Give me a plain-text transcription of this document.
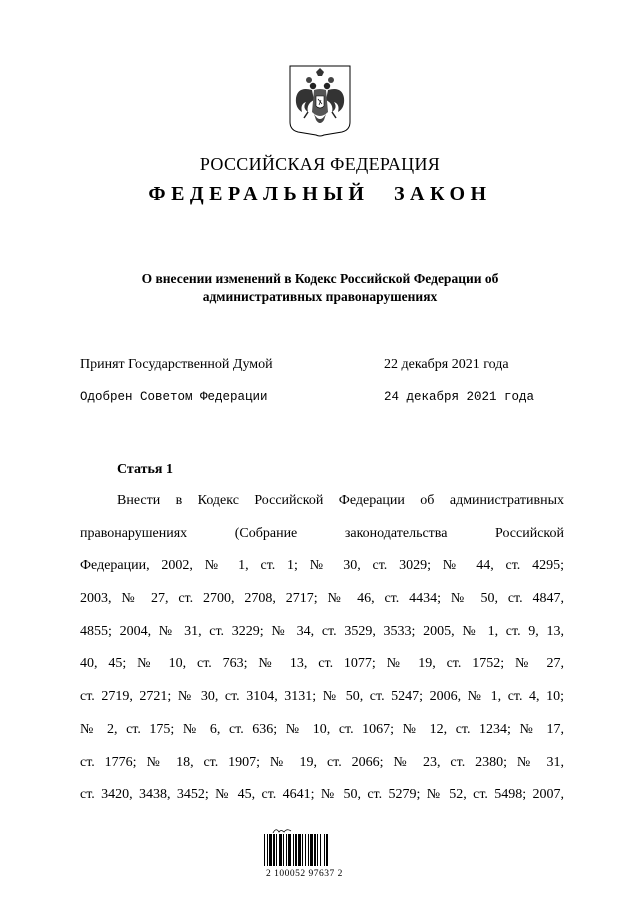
РОССИЙСКАЯ ФЕДЕРАЦИЯ
ФЕДЕРАЛЬНЫЙ ЗАКОН
О внесении изменений в Кодекс Российской Федерации об административных правонарушениях
Принят Государственной Думой	22 декабря 2021 года
Одобрен Советом Федерации	24 декабря 2021 года
Статья 1
Внести в Кодекс Российской Федерации об административных
правонарушениях (Собрание законодательства Российской
Федерации, 2002, № 1, ст. 1; № 30, ст. 3029; № 44, ст. 4295;
2003, № 27, ст. 2700, 2708, 2717; № 46, ст. 4434; № 50, ст. 4847,
4855; 2004, № 31, ст. 3229; № 34, ст. 3529, 3533; 2005, № 1, ст. 9, 13,
40, 45; № 10, ст. 763; № 13, ст. 1077; № 19, ст. 1752; № 27,
ст. 2719, 2721; № 30, ст. 3104, 3131; № 50, ст. 5247; 2006, № 1, ст. 4, 10;
№ 2, ст. 175; № 6, ст. 636; № 10, ст. 1067; № 12, ст. 1234; № 17,
ст. 1776; № 18, ст. 1907; № 19, ст. 2066; № 23, ст. 2380; № 31,
ст. 3420, 3438, 3452; № 45, ст. 4641; № 50, ст. 5279; № 52, ст. 5498; 2007,
2 100052 97637 2
